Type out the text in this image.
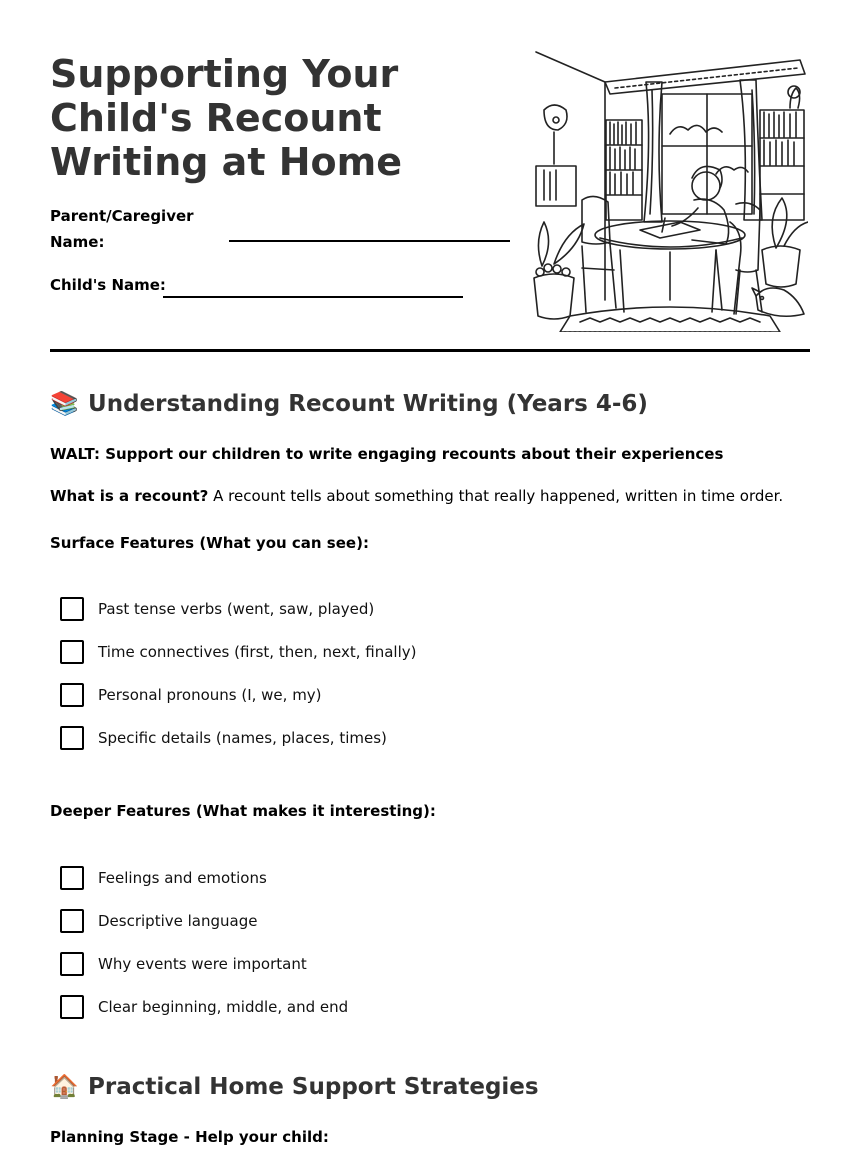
Supporting Your Child's Recount Writing at Home
Parent/Caregiver
Name:
Child's Name:
📚 Understanding Recount Writing (Years 4-6)
WALT: Support our children to write engaging recounts about their experiences
What is a recount? A recount tells about something that really happened, written in time order.
Surface Features (What you can see):
Past tense verbs (went, saw, played)
Time connectives (first, then, next, finally)
Personal pronouns (I, we, my)
Specific details (names, places, times)
Deeper Features (What makes it interesting):
Feelings and emotions
Descriptive language
Why events were important
Clear beginning, middle, and end
🏠 Practical Home Support Strategies
Planning Stage - Help your child:
